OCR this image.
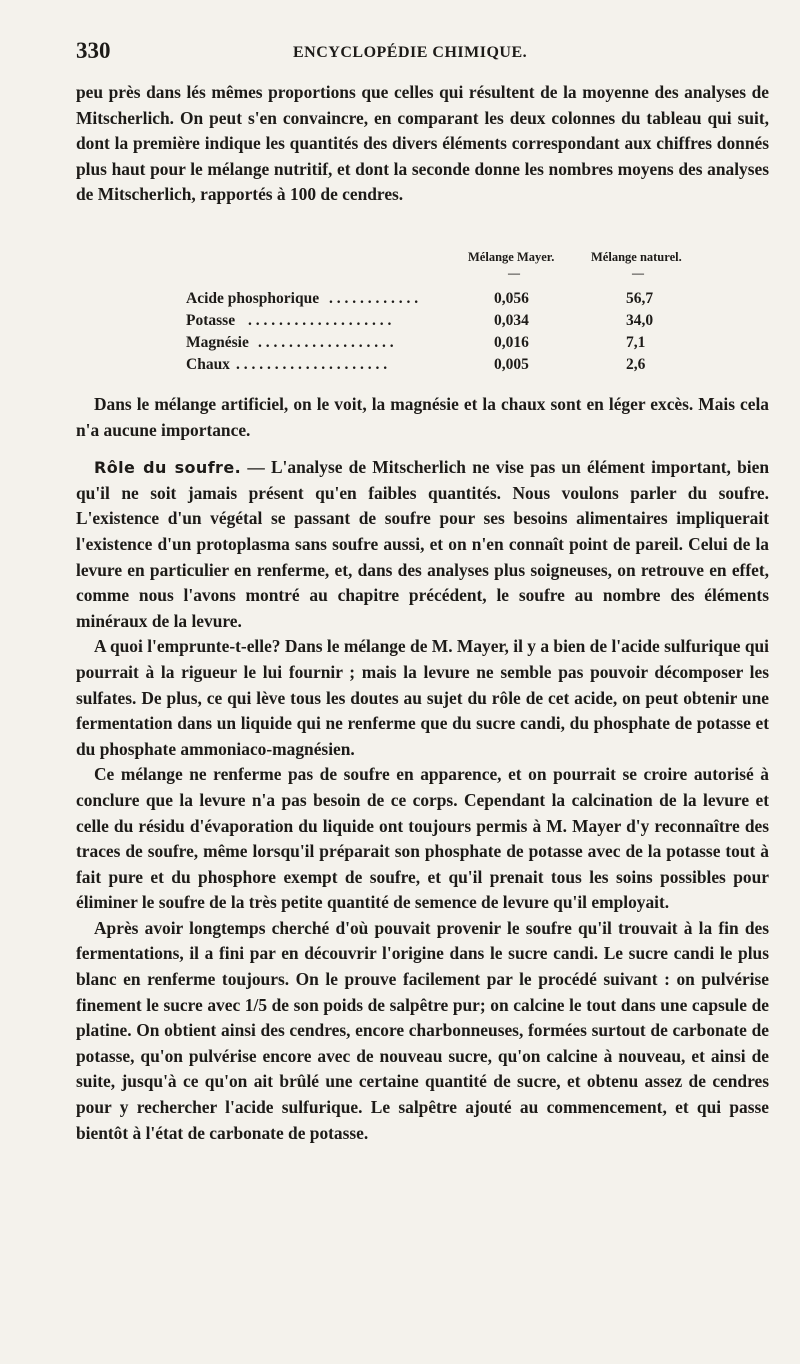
330	ENCYCLOPÉDIE CHIMIQUE.

peu près dans lés mêmes proportions que celles qui résultent de la moyenne des analyses de Mitscherlich. On peut s'en convaincre, en comparant les deux colonnes du tableau qui suit, dont la première indique les quantités des divers éléments correspondant aux chiffres donnés plus haut pour le mélange nutritif, et dont la seconde donne les nombres moyens des analyses de Mitscherlich, rapportés à 100 de cendres.

Mélange Mayer.	Mélange naturel.
—	—
Acide phosphorique . . . . . . . . . . . .	0,056	56,7
Potasse . . . . . . . . . . . . . . . . . . .	0,034	34,0
Magnésie . . . . . . . . . . . . . . . . . .	0,016	7,1
Chaux . . . . . . . . . . . . . . . . . . . .	0,005	2,6

Dans le mélange artificiel, on le voit, la magnésie et la chaux sont en léger excès. Mais cela n'a aucune importance.

Rôle du soufre. — L'analyse de Mitscherlich ne vise pas un élément important, bien qu'il ne soit jamais présent qu'en faibles quantités. Nous voulons parler du soufre. L'existence d'un végétal se passant de soufre pour ses besoins alimentaires impliquerait l'existence d'un protoplasma sans soufre aussi, et on n'en connaît point de pareil. Celui de la levure en particulier en renferme, et, dans des analyses plus soigneuses, on retrouve en effet, comme nous l'avons montré au chapitre précédent, le soufre au nombre des éléments minéraux de la levure.

A quoi l'emprunte-t-elle? Dans le mélange de M. Mayer, il y a bien de l'acide sulfurique qui pourrait à la rigueur le lui fournir ; mais la levure ne semble pas pouvoir décomposer les sulfates. De plus, ce qui lève tous les doutes au sujet du rôle de cet acide, on peut obtenir une fermentation dans un liquide qui ne renferme que du sucre candi, du phosphate de potasse et du phosphate ammoniaco-magnésien.

Ce mélange ne renferme pas de soufre en apparence, et on pourrait se croire autorisé à conclure que la levure n'a pas besoin de ce corps. Cependant la calcination de la levure et celle du résidu d'évaporation du liquide ont toujours permis à M. Mayer d'y reconnaître des traces de soufre, même lorsqu'il préparait son phosphate de potasse avec de la potasse tout à fait pure et du phosphore exempt de soufre, et qu'il prenait tous les soins possibles pour éliminer le soufre de la très petite quantité de semence de levure qu'il employait.

Après avoir longtemps cherché d'où pouvait provenir le soufre qu'il trouvait à la fin des fermentations, il a fini par en découvrir l'origine dans le sucre candi. Le sucre candi le plus blanc en renferme toujours. On le prouve facilement par le procédé suivant : on pulvérise finement le sucre avec 1/5 de son poids de salpêtre pur; on calcine le tout dans une capsule de platine. On obtient ainsi des cendres, encore charbonneuses, formées surtout de carbonate de potasse, qu'on pulvérise encore avec de nouveau sucre, qu'on calcine à nouveau, et ainsi de suite, jusqu'à ce qu'on ait brûlé une certaine quantité de sucre, et obtenu assez de cendres pour y rechercher l'acide sulfurique. Le salpêtre ajouté au commencement, et qui passe bientôt à l'état de carbonate de potasse.
